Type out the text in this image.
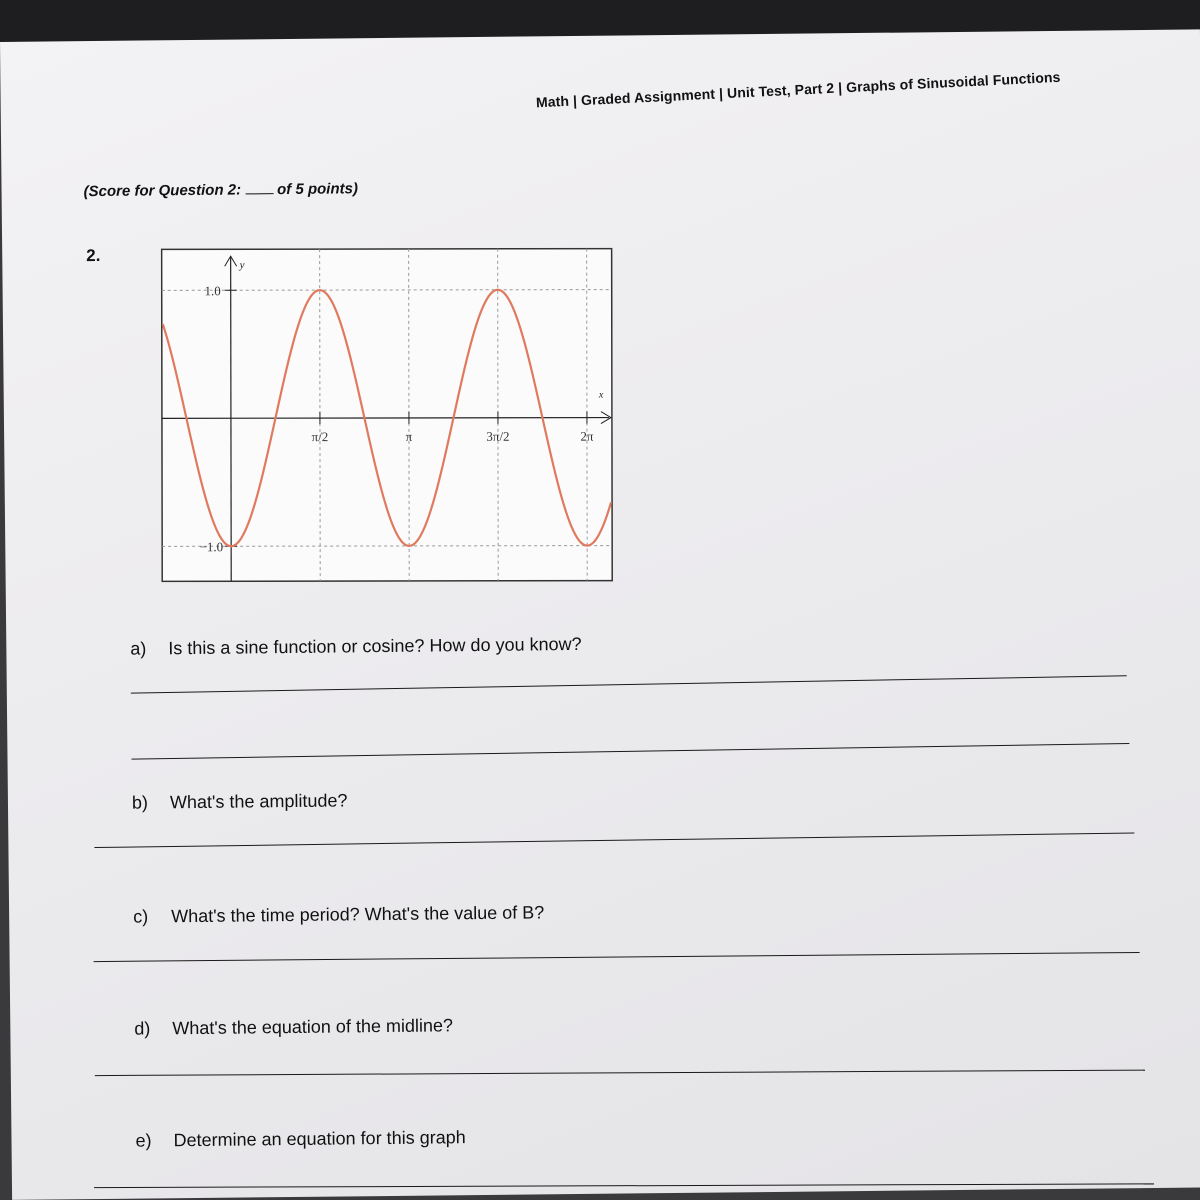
Math | Graded Assignment | Unit Test, Part 2 | Graphs of Sinusoidal Functions
(Score for Question 2: of 5 points)
2.
y
x
1.0
−1.0
π/2	π	3π/2	2π
a) Is this a sine function or cosine? How do you know?
b) What's the amplitude?
c) What's the time period? What's the value of B?
d) What's the equation of the midline?
e) Determine an equation for this graph
